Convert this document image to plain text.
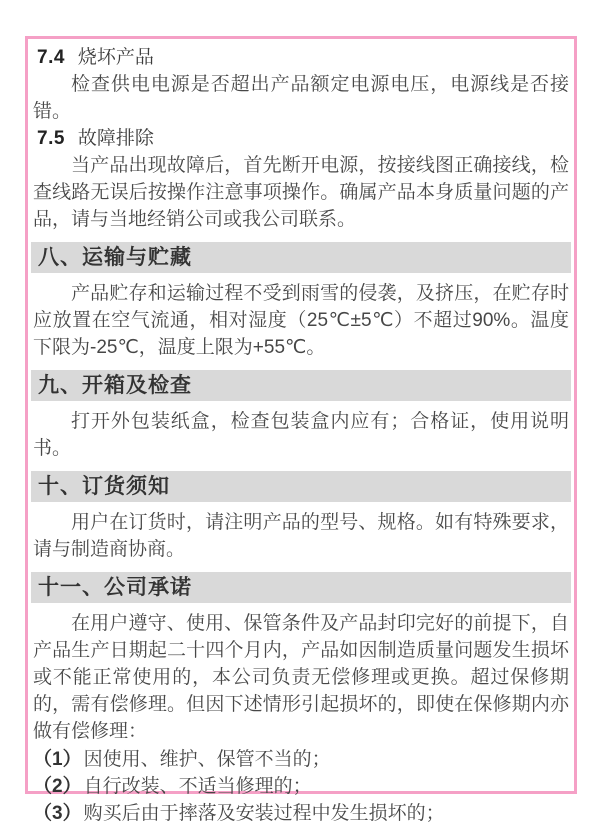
7.4 烧坏产品

检查供电电源是否超出产品额定电源电压，电源线是否接错。

7.5 故障排除

当产品出现故障后，首先断开电源，按接线图正确接线，检查线路无误后按操作注意事项操作。确属产品本身质量问题的产品，请与当地经销公司或我公司联系。

八、运输与贮藏

产品贮存和运输过程不受到雨雪的侵袭，及挤压，在贮存时应放置在空气流通，相对湿度（25℃±5℃）不超过90%。温度下限为-25℃，温度上限为+55℃。

九、开箱及检查

打开外包装纸盒，检查包装盒内应有；合格证，使用说明书。

十、订货须知

用户在订货时，请注明产品的型号、规格。如有特殊要求，请与制造商协商。

十一、公司承诺

在用户遵守、使用、保管条件及产品封印完好的前提下，自产品生产日期起二十四个月内，产品如因制造质量问题发生损坏或不能正常使用的，本公司负责无偿修理或更换。超过保修期的，需有偿修理。但因下述情形引起损坏的，即使在保修期内亦做有偿修理：

（1） 因使用、维护、保管不当的；
（2） 自行改装、不适当修理的；
（3） 购买后由于摔落及安装过程中发生损坏的；
